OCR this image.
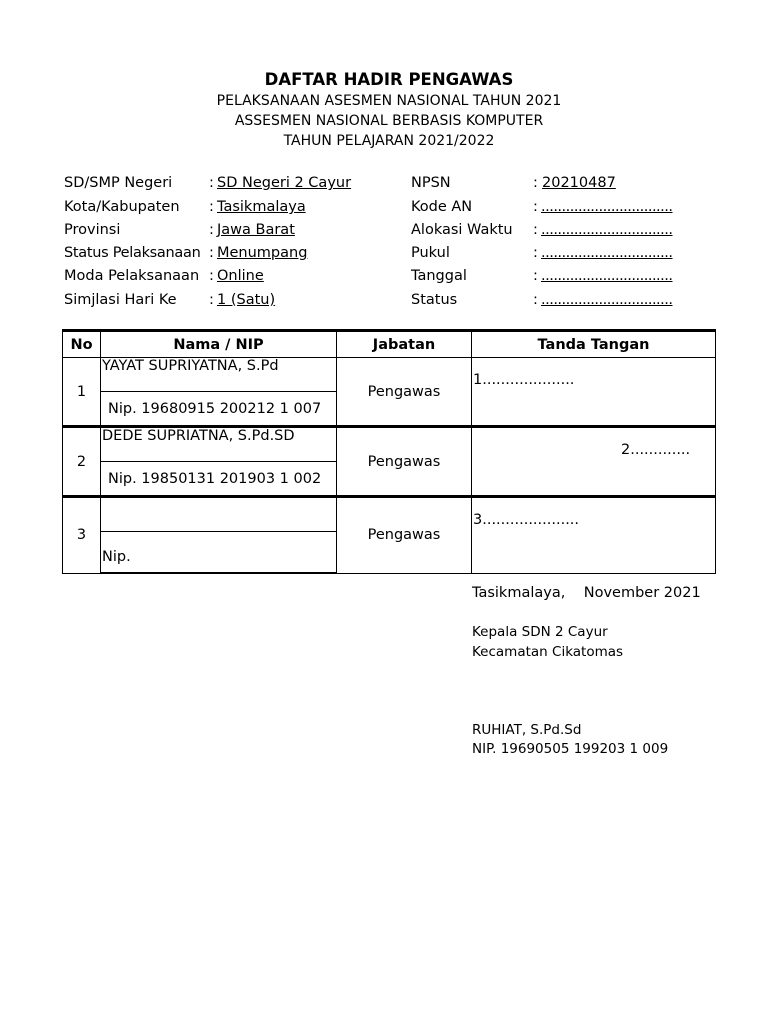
DAFTAR HADIR PENGAWAS
PELAKSANAAN ASESMEN NASIONAL TAHUN 2021
ASSESMEN NASIONAL BERBASIS KOMPUTER
TAHUN PELAJARAN 2021/2022
SD/SMP Negeri	: SD Negeri 2 Cayur
Kota/Kabupaten : Tasikmalaya
Provinsi	: Jawa Barat
Status Pelaksanaan : Menumpang
Moda Pelaksanaan : Online
Simjlasi Hari Ke : 1 (Satu)
NPSN	: 20210487
Kode AN	: ................................
Alokasi Waktu : ................................
Pukul	: ................................
Tanggal	: ................................
Status	: ................................
No	Nama / NIP	Jabatan	Tanda Tangan
1	YAYAT SUPRIYATNA, S.Pd	Pengawas	1....................

	Nip. 19680915 200212 1 007		
2	DEDE SUPRIATNA, S.Pd.SD	Pengawas	2.............

	Nip. 19850131 201903 1 002		
3		Pengawas	3.....................

	Nip.		
Tasikmalaya,    November 2021
Kepala SDN 2 Cayur
Kecamatan Cikatomas
RUHIAT, S.Pd.Sd
NIP. 19690505 199203 1 009
